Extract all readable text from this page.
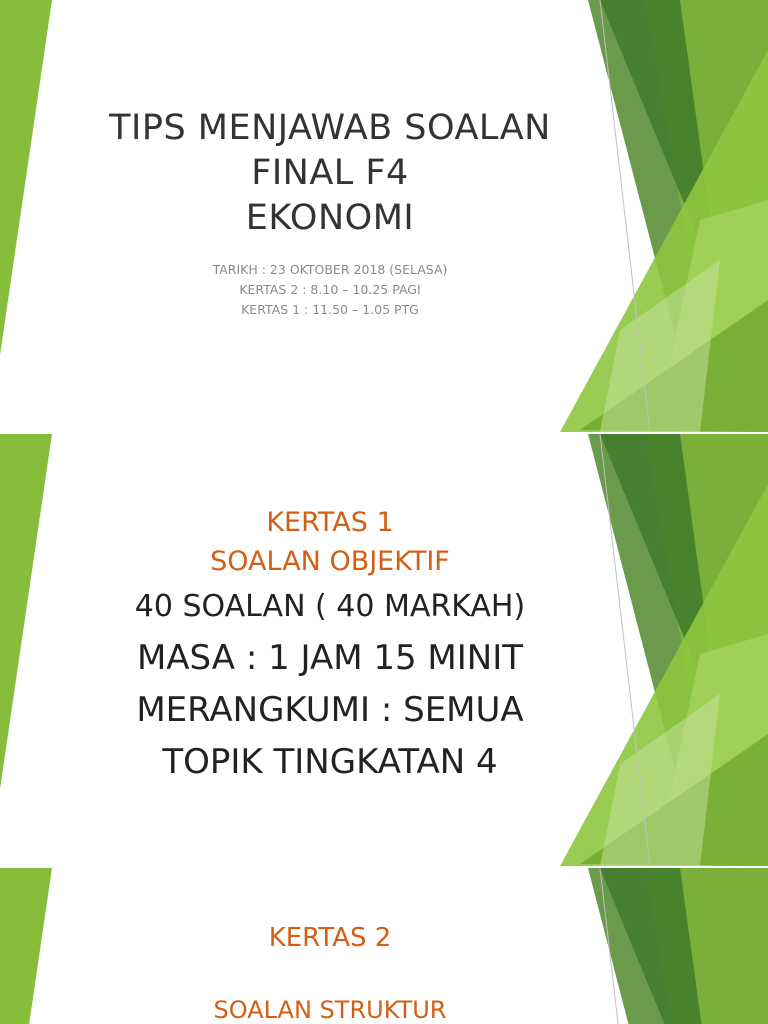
TIPS MENJAWAB SOALAN
FINAL F4
EKONOMI
TARIKH : 23 OKTOBER 2018 (SELASA)
KERTAS 2 : 8.10 – 10.25 PAGI
KERTAS 1 : 11.50 – 1.05 PTG
KERTAS 1
SOALAN OBJEKTIF
40 SOALAN ( 40 MARKAH)
MASA : 1 JAM 15 MINIT
MERANGKUMI : SEMUA
TOPIK TINGKATAN 4
KERTAS 2
SOALAN STRUKTUR
